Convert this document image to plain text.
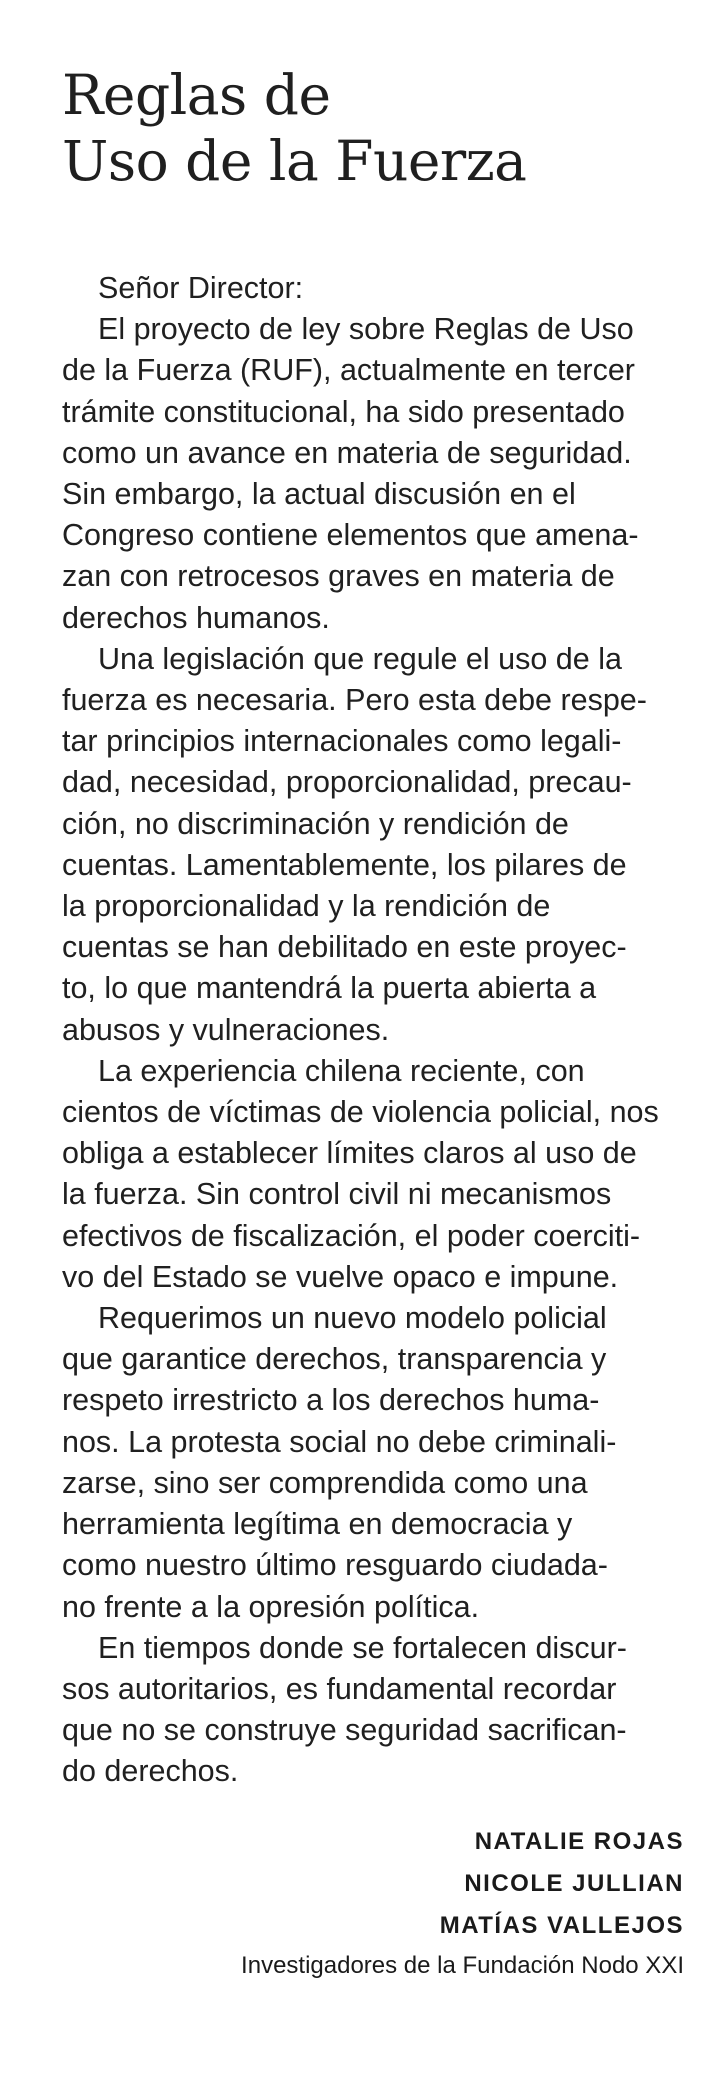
Reglas de
Uso de la Fuerza
Señor Director:
El proyecto de ley sobre Reglas de Uso
de la Fuerza (RUF), actualmente en tercer
trámite constitucional, ha sido presentado
como un avance en materia de seguridad.
Sin embargo, la actual discusión en el
Congreso contiene elementos que amena-
zan con retrocesos graves en materia de
derechos humanos.
Una legislación que regule el uso de la
fuerza es necesaria. Pero esta debe respe-
tar principios internacionales como legali-
dad, necesidad, proporcionalidad, precau-
ción, no discriminación y rendición de
cuentas. Lamentablemente, los pilares de
la proporcionalidad y la rendición de
cuentas se han debilitado en este proyec-
to, lo que mantendrá la puerta abierta a
abusos y vulneraciones.
La experiencia chilena reciente, con
cientos de víctimas de violencia policial, nos
obliga a establecer límites claros al uso de
la fuerza. Sin control civil ni mecanismos
efectivos de fiscalización, el poder coerciti-
vo del Estado se vuelve opaco e impune.
Requerimos un nuevo modelo policial
que garantice derechos, transparencia y
respeto irrestricto a los derechos huma-
nos. La protesta social no debe criminali-
zarse, sino ser comprendida como una
herramienta legítima en democracia y
como nuestro último resguardo ciudada-
no frente a la opresión política.
En tiempos donde se fortalecen discur-
sos autoritarios, es fundamental recordar
que no se construye seguridad sacrifican-
do derechos.
NATALIE ROJAS
NICOLE JULLIAN
MATÍAS VALLEJOS
Investigadores de la Fundación Nodo XXI
